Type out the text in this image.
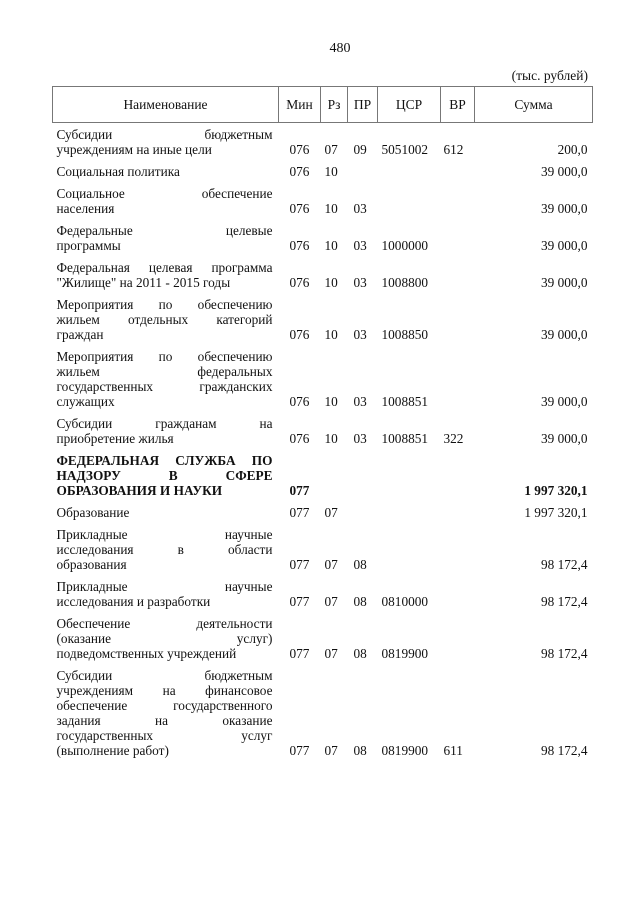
480
(тыс. рублей)
Наименование	Мин	Рз	ПР	ЦСР	ВР	Сумма

Субсидии бюджетным
учреждениям на иные цели	076	07	09	5051002	612	200,0

Социальная политика	076	10				39 000,0

Социальное обеспечение
населения	076	10	03			39 000,0

Федеральные целевые
программы	076	10	03	1000000		39 000,0

Федеральная целевая программа
"Жилище" на 2011 - 2015 годы	076	10	03	1008800		39 000,0

Мероприятия по обеспечению
жильем отдельных категорий
граждан	076	10	03	1008850		39 000,0

Мероприятия по обеспечению
жильем федеральных
государственных гражданских
служащих	076	10	03	1008851		39 000,0

Субсидии гражданам на
приобретение жилья	076	10	03	1008851	322	39 000,0

ФЕДЕРАЛЬНАЯ СЛУЖБА ПО
НАДЗОРУ В СФЕРЕ
ОБРАЗОВАНИЯ И НАУКИ	077					1 997 320,1

Образование	077	07				1 997 320,1

Прикладные научные
исследования в области
образования	077	07	08			98 172,4

Прикладные научные
исследования и разработки	077	07	08	0810000		98 172,4

Обеспечение деятельности
(оказание услуг)
подведомственных учреждений	077	07	08	0819900		98 172,4

Субсидии бюджетным
учреждениям на финансовое
обеспечение государственного
задания на оказание
государственных услуг
(выполнение работ)	077	07	08	0819900	611	98 172,4
